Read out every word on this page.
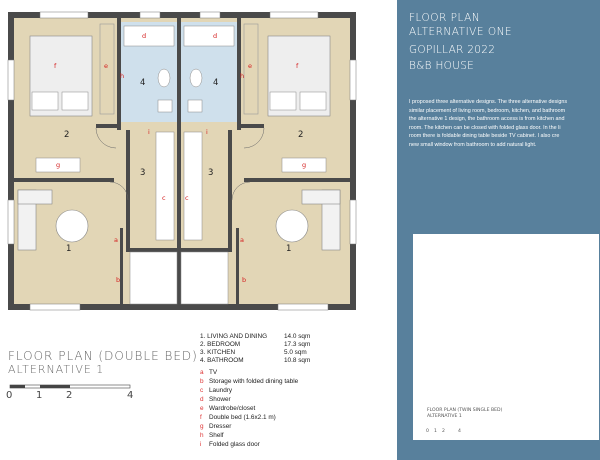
1	1
2	2
3	3
4	4
a	a
b	b
c	c
d	d
e	e
f	f
g	g
h	h
i	i
FLOOR PLAN (DOUBLE BED)
ALTERNATIVE 1
0 1 2	4
1. LIVING AND DINING	14.0 sqm
2. BEDROOM	17.3 sqm
3. KITCHEN	5.0 sqm
4. BATHROOM	10.8 sqm
a TV
b Storage with folded dining table
c Laundry
d Shower
e Wardrobe/closet
f Double bed (1.6x2.1 m)
g Dresser
h Shelf
i Folded glass door
FLOOR PLAN
ALTERNATIVE ONE
GOPILLAR 2022
B&B HOUSE
I proposed three alternative designs. The three alternative designs
similar placement of living room, bedroom, kitchen, and bathroom
the alternative 1 design, the bathroom access is from kitchen and
room. The kitchen can be closed with folded glass door. In the li
room there is foldable dining table beside TV cabinet. I also cre
new small window from bathroom to add natural light.
FLOOR PLAN (TWIN SINGLE BED)
ALTERNATIVE 1
0 1 2	4
